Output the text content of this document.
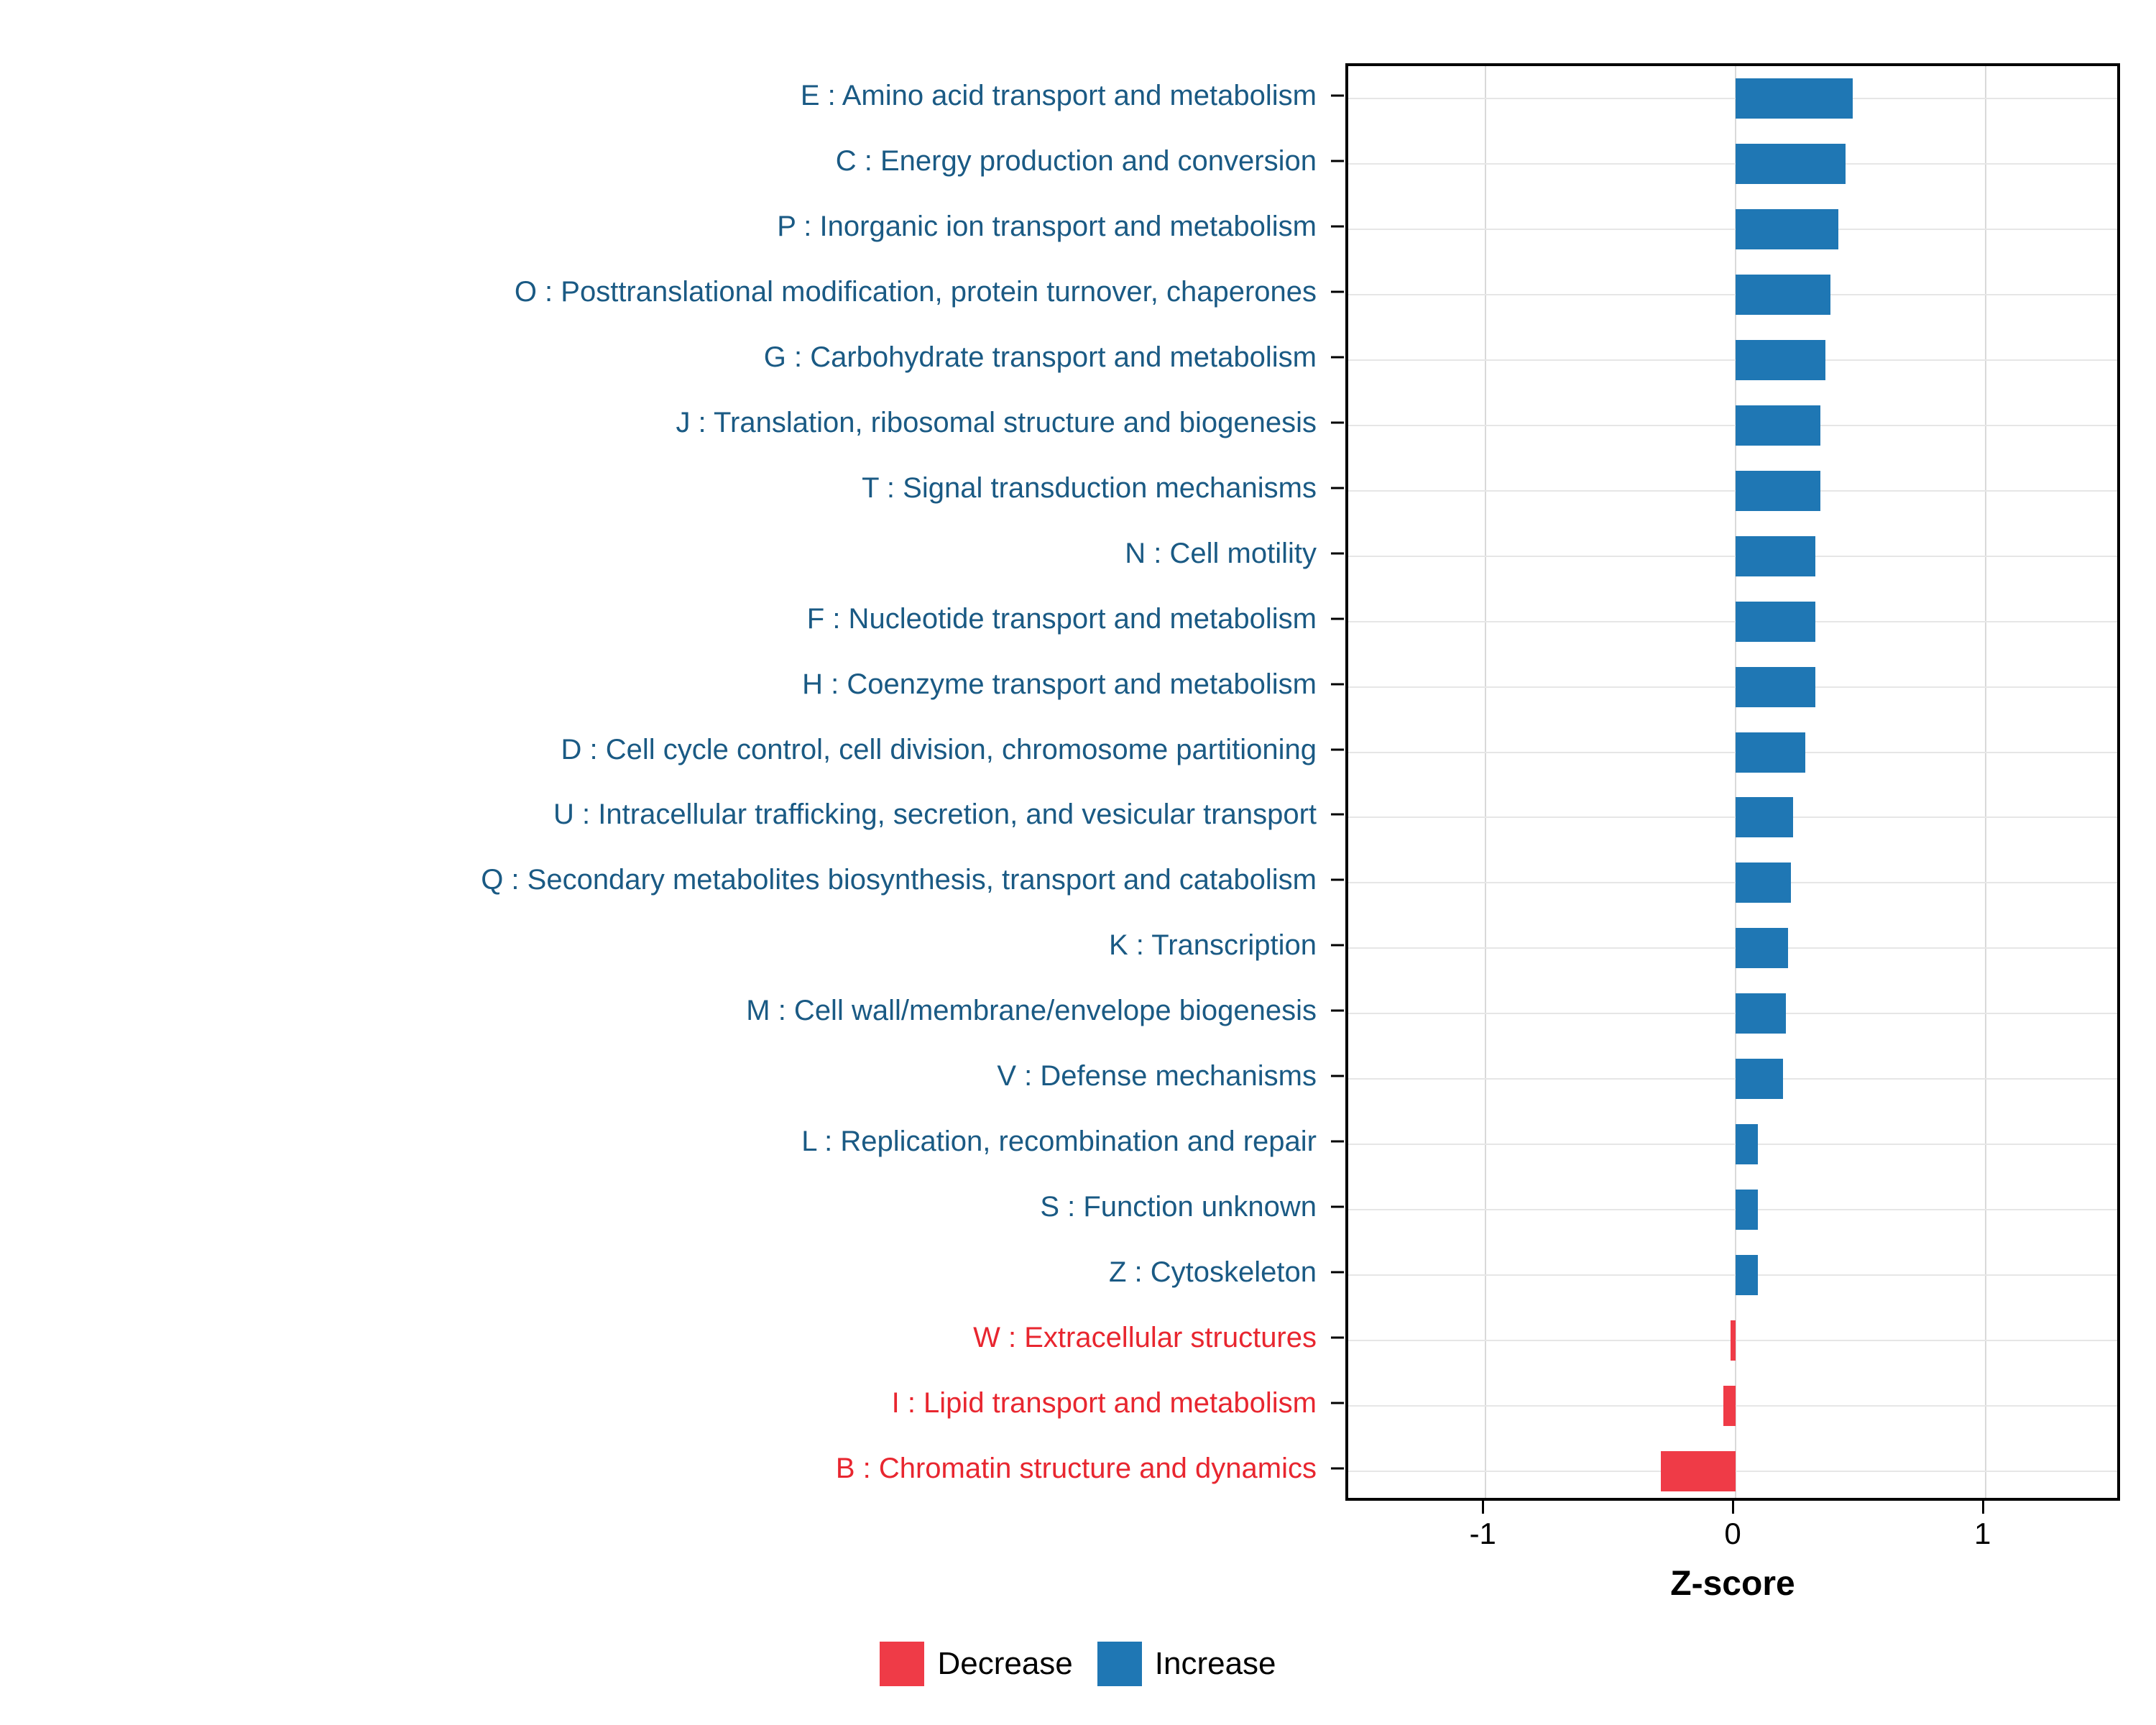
E : Amino acid transport and metabolism
C : Energy production and conversion
P : Inorganic ion transport and metabolism
O : Posttranslational modification, protein turnover, chaperones
G : Carbohydrate transport and metabolism
J : Translation, ribosomal structure and biogenesis
T : Signal transduction mechanisms
N : Cell motility
F : Nucleotide transport and metabolism
H : Coenzyme transport and metabolism
D : Cell cycle control, cell division, chromosome partitioning
U : Intracellular trafficking, secretion, and vesicular transport
Q : Secondary metabolites biosynthesis, transport and catabolism
K : Transcription
M : Cell wall/membrane/envelope biogenesis
V : Defense mechanisms
L : Replication, recombination and repair
S : Function unknown
Z : Cytoskeleton
W : Extracellular structures
I : Lipid transport and metabolism
B : Chromatin structure and dynamics
-1	0	1
Z-score
Decrease	Increase
